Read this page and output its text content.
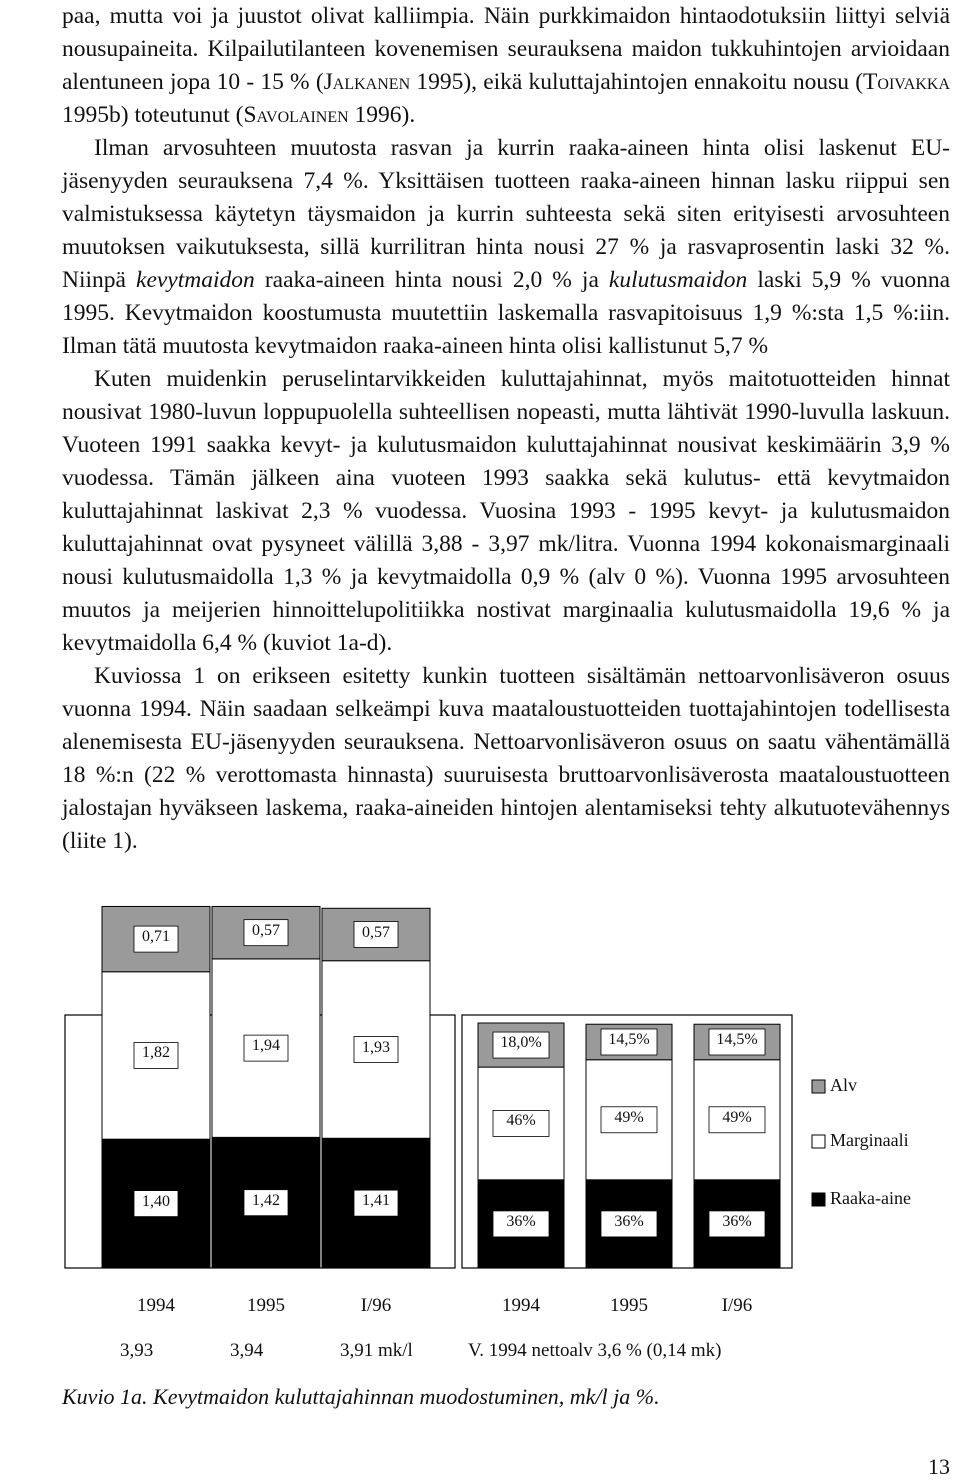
paa, mutta voi ja juustot olivat kalliimpia. Näin purkkimaidon hintaodotuksiin liittyi selviä nousupaineita. Kilpailutilanteen kovenemisen seurauksena maidon tukkuhintojen arvioidaan alentuneen jopa 10 - 15 % (Jalkanen 1995), eikä kuluttajahintojen ennakoitu nousu (Toivakka 1995b) toteutunut (Savolainen 1996).

Ilman arvosuhteen muutosta rasvan ja kurrin raaka-aineen hinta olisi laskenut EU-jäsenyyden seurauksena 7,4 %. Yksittäisen tuotteen raaka-aineen hinnan lasku riippui sen valmistuksessa käytetyn täysmaidon ja kurrin suhteesta sekä siten erityisesti arvosuhteen muutoksen vaikutuksesta, sillä kurrilitran hinta nousi 27 % ja rasvaprosentin laski 32 %. Niinpä kevytmaidon raaka-aineen hinta nousi 2,0 % ja kulutusmaidon laski 5,9 % vuonna 1995. Kevytmaidon koostumusta muutettiin laskemalla rasvapitoisuus 1,9 %:sta 1,5 %:iin. Ilman tätä muutosta kevytmaidon raaka-aineen hinta olisi kallistunut 5,7 %

Kuten muidenkin peruselintarvikkeiden kuluttajahinnat, myös maitotuotteiden hinnat nousivat 1980-luvun loppupuolella suhteellisen nopeasti, mutta lähtivät 1990-luvulla laskuun. Vuoteen 1991 saakka kevyt- ja kulutusmaidon kuluttajahinnat nousivat keskimäärin 3,9 % vuodessa. Tämän jälkeen aina vuoteen 1993 saakka sekä kulutus- että kevytmaidon kuluttajahinnat laskivat 2,3 % vuodessa. Vuosina 1993 - 1995 kevyt- ja kulutusmaidon kuluttajahinnat ovat pysyneet välillä 3,88 - 3,97 mk/litra. Vuonna 1994 kokonaismarginaali nousi kulutusmaidolla 1,3 % ja kevytmaidolla 0,9 % (alv 0 %). Vuonna 1995 arvosuhteen muutos ja meijerien hinnoittelupolitiikka nostivat marginaalia kulutusmaidolla 19,6 % ja kevytmaidolla 6,4 % (kuviot 1a-d).

Kuviossa 1 on erikseen esitetty kunkin tuotteen sisältämän nettoarvonlisäveron osuus vuonna 1994. Näin saadaan selkeämpi kuva maataloustuotteiden tuottajahintojen todellisesta alenemisesta EU-jäsenyyden seurauksena. Nettoarvonlisäveron osuus on saatu vähentämällä 18 %:n (22 % verottomasta hinnasta) suuruisesta bruttoarvonlisäverosta maataloustuotteen jalostajan hyväkseen laskema, raaka-aineiden hintojen alentamiseksi tehty alkutuotevähennys (liite 1).

1,40
1,82
0,71
1994
1,42
1,94
0,57
1995
1,41
1,93
0,57
I/96
36%
46%
18,0%
1994
36%
49%
14,5%
1995
36%
49%
14,5%
I/96
3,93	3,94	3,91 mk/l	V. 1994 nettoalv 3,6 % (0,14 mk)
Alv
Marginaali
Raaka-aine
Kuvio 1a. Kevytmaidon kuluttajahinnan muodostuminen, mk/l ja %.
13
